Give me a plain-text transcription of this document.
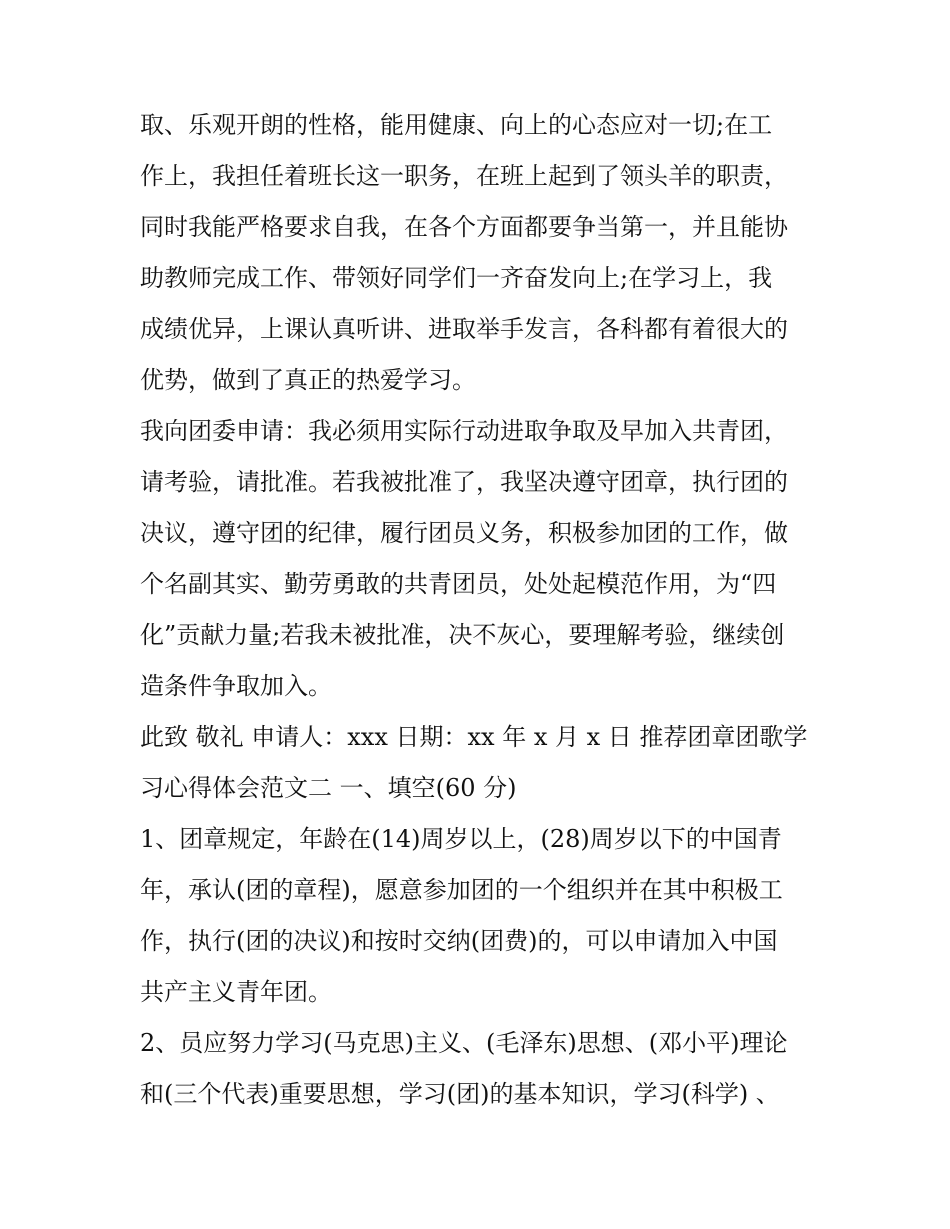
取、乐观开朗的性格，能用健康、向上的心态应对一切;在工
作上，我担任着班长这一职务，在班上起到了领头羊的职责，
同时我能严格要求自我，在各个方面都要争当第一，并且能协
助教师完成工作、带领好同学们一齐奋发向上;在学习上，我
成绩优异，上课认真听讲、进取举手发言，各科都有着很大的
优势，做到了真正的热爱学习。

我向团委申请：我必须用实际行动进取争取及早加入共青团，
请考验，请批准。若我被批准了，我坚决遵守团章，执行团的
决议，遵守团的纪律，履行团员义务，积极参加团的工作，做
个名副其实、勤劳勇敢的共青团员，处处起模范作用，为“四
化”贡献力量;若我未被批准，决不灰心，要理解考验，继续创
造条件争取加入。

此致 敬礼 申请人：xxx 日期：xx 年 x 月 x 日 推荐团章团歌学
习心得体会范文二 一、填空(60 分)

1、团章规定，年龄在(14)周岁以上，(28)周岁以下的中国青
年，承认(团的章程)，愿意参加团的一个组织并在其中积极工
作，执行(团的决议)和按时交纳(团费)的，可以申请加入中国
共产主义青年团。

2、员应努力学习(马克思)主义、(毛泽东)思想、(邓小平)理论
和(三个代表)重要思想，学习(团)的基本知识，学习(科学) 、
